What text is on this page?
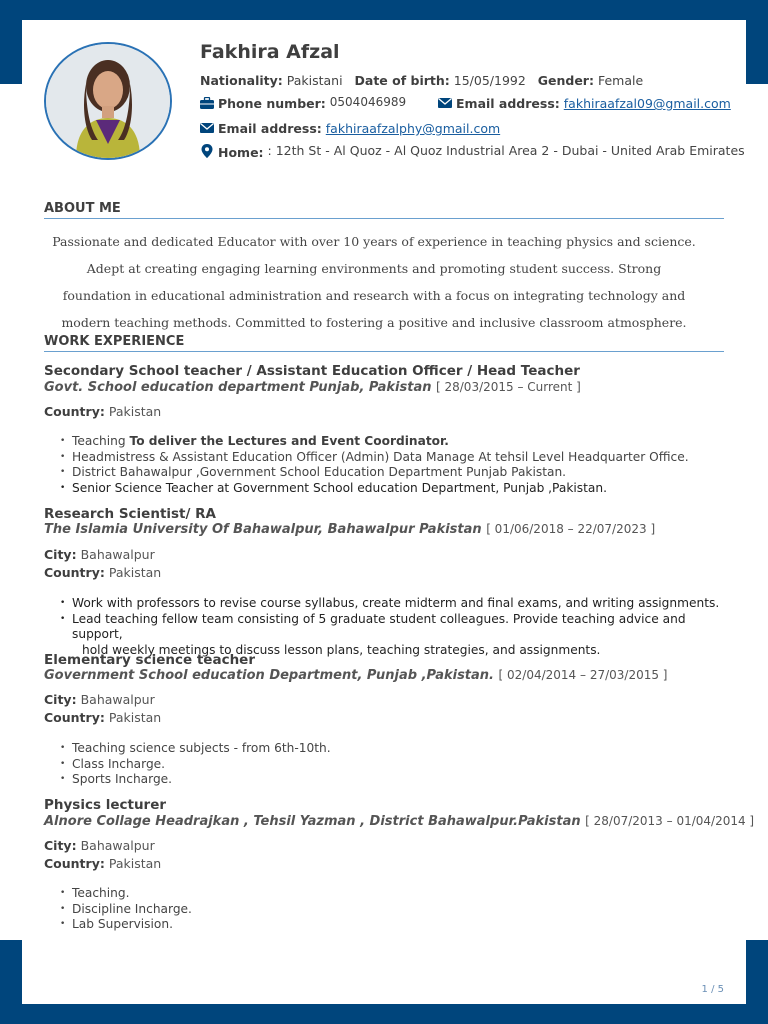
Fakhira Afzal
Nationality: Pakistani Date of birth: 15/05/1992 Gender: Female
Phone number: 0504046989	Email address: fakhiraafzal09@gmail.com
Email address: fakhiraafzalphy@gmail.com
Home: : 12th St - Al Quoz - Al Quoz Industrial Area 2 - Dubai - United Arab Emirates
ABOUT ME
Passionate and dedicated Educator with over 10 years of experience in teaching physics and science.
Adept at creating engaging learning environments and promoting student success. Strong
foundation in educational administration and research with a focus on integrating technology and
modern teaching methods. Committed to fostering a positive and inclusive classroom atmosphere.
WORK EXPERIENCE
Secondary School teacher / Assistant Education Officer / Head Teacher
Govt. School education department Punjab, Pakistan [ 28/03/2015 – Current ]
Country: Pakistan
• Teaching To deliver the Lectures and Event Coordinator.
• Headmistress & Assistant Education Officer (Admin) Data Manage At tehsil Level Headquarter Office.
• District Bahawalpur ,Government School Education Department Punjab Pakistan.
• Senior Science Teacher at Government School education Department, Punjab ,Pakistan.
Research Scientist/ RA
The Islamia University Of Bahawalpur, Bahawalpur Pakistan [ 01/06/2018 – 22/07/2023 ]
City: Bahawalpur
Country: Pakistan
• Work with professors to revise course syllabus, create midterm and final exams, and writing assignments.
• Lead teaching fellow team consisting of 5 graduate student colleagues. Provide teaching advice and support,
hold weekly meetings to discuss lesson plans, teaching strategies, and assignments.
Elementary science teacher
Government School education Department, Punjab ,Pakistan. [ 02/04/2014 – 27/03/2015 ]
City: Bahawalpur
Country: Pakistan
• Teaching science subjects - from 6th-10th.
• Class Incharge.
• Sports Incharge.
Physics lecturer
Alnore Collage Headrajkan , Tehsil Yazman , District Bahawalpur.Pakistan [ 28/07/2013 – 01/04/2014 ]
City: Bahawalpur
Country: Pakistan
• Teaching.
• Discipline Incharge.
• Lab Supervision.
1 / 5
